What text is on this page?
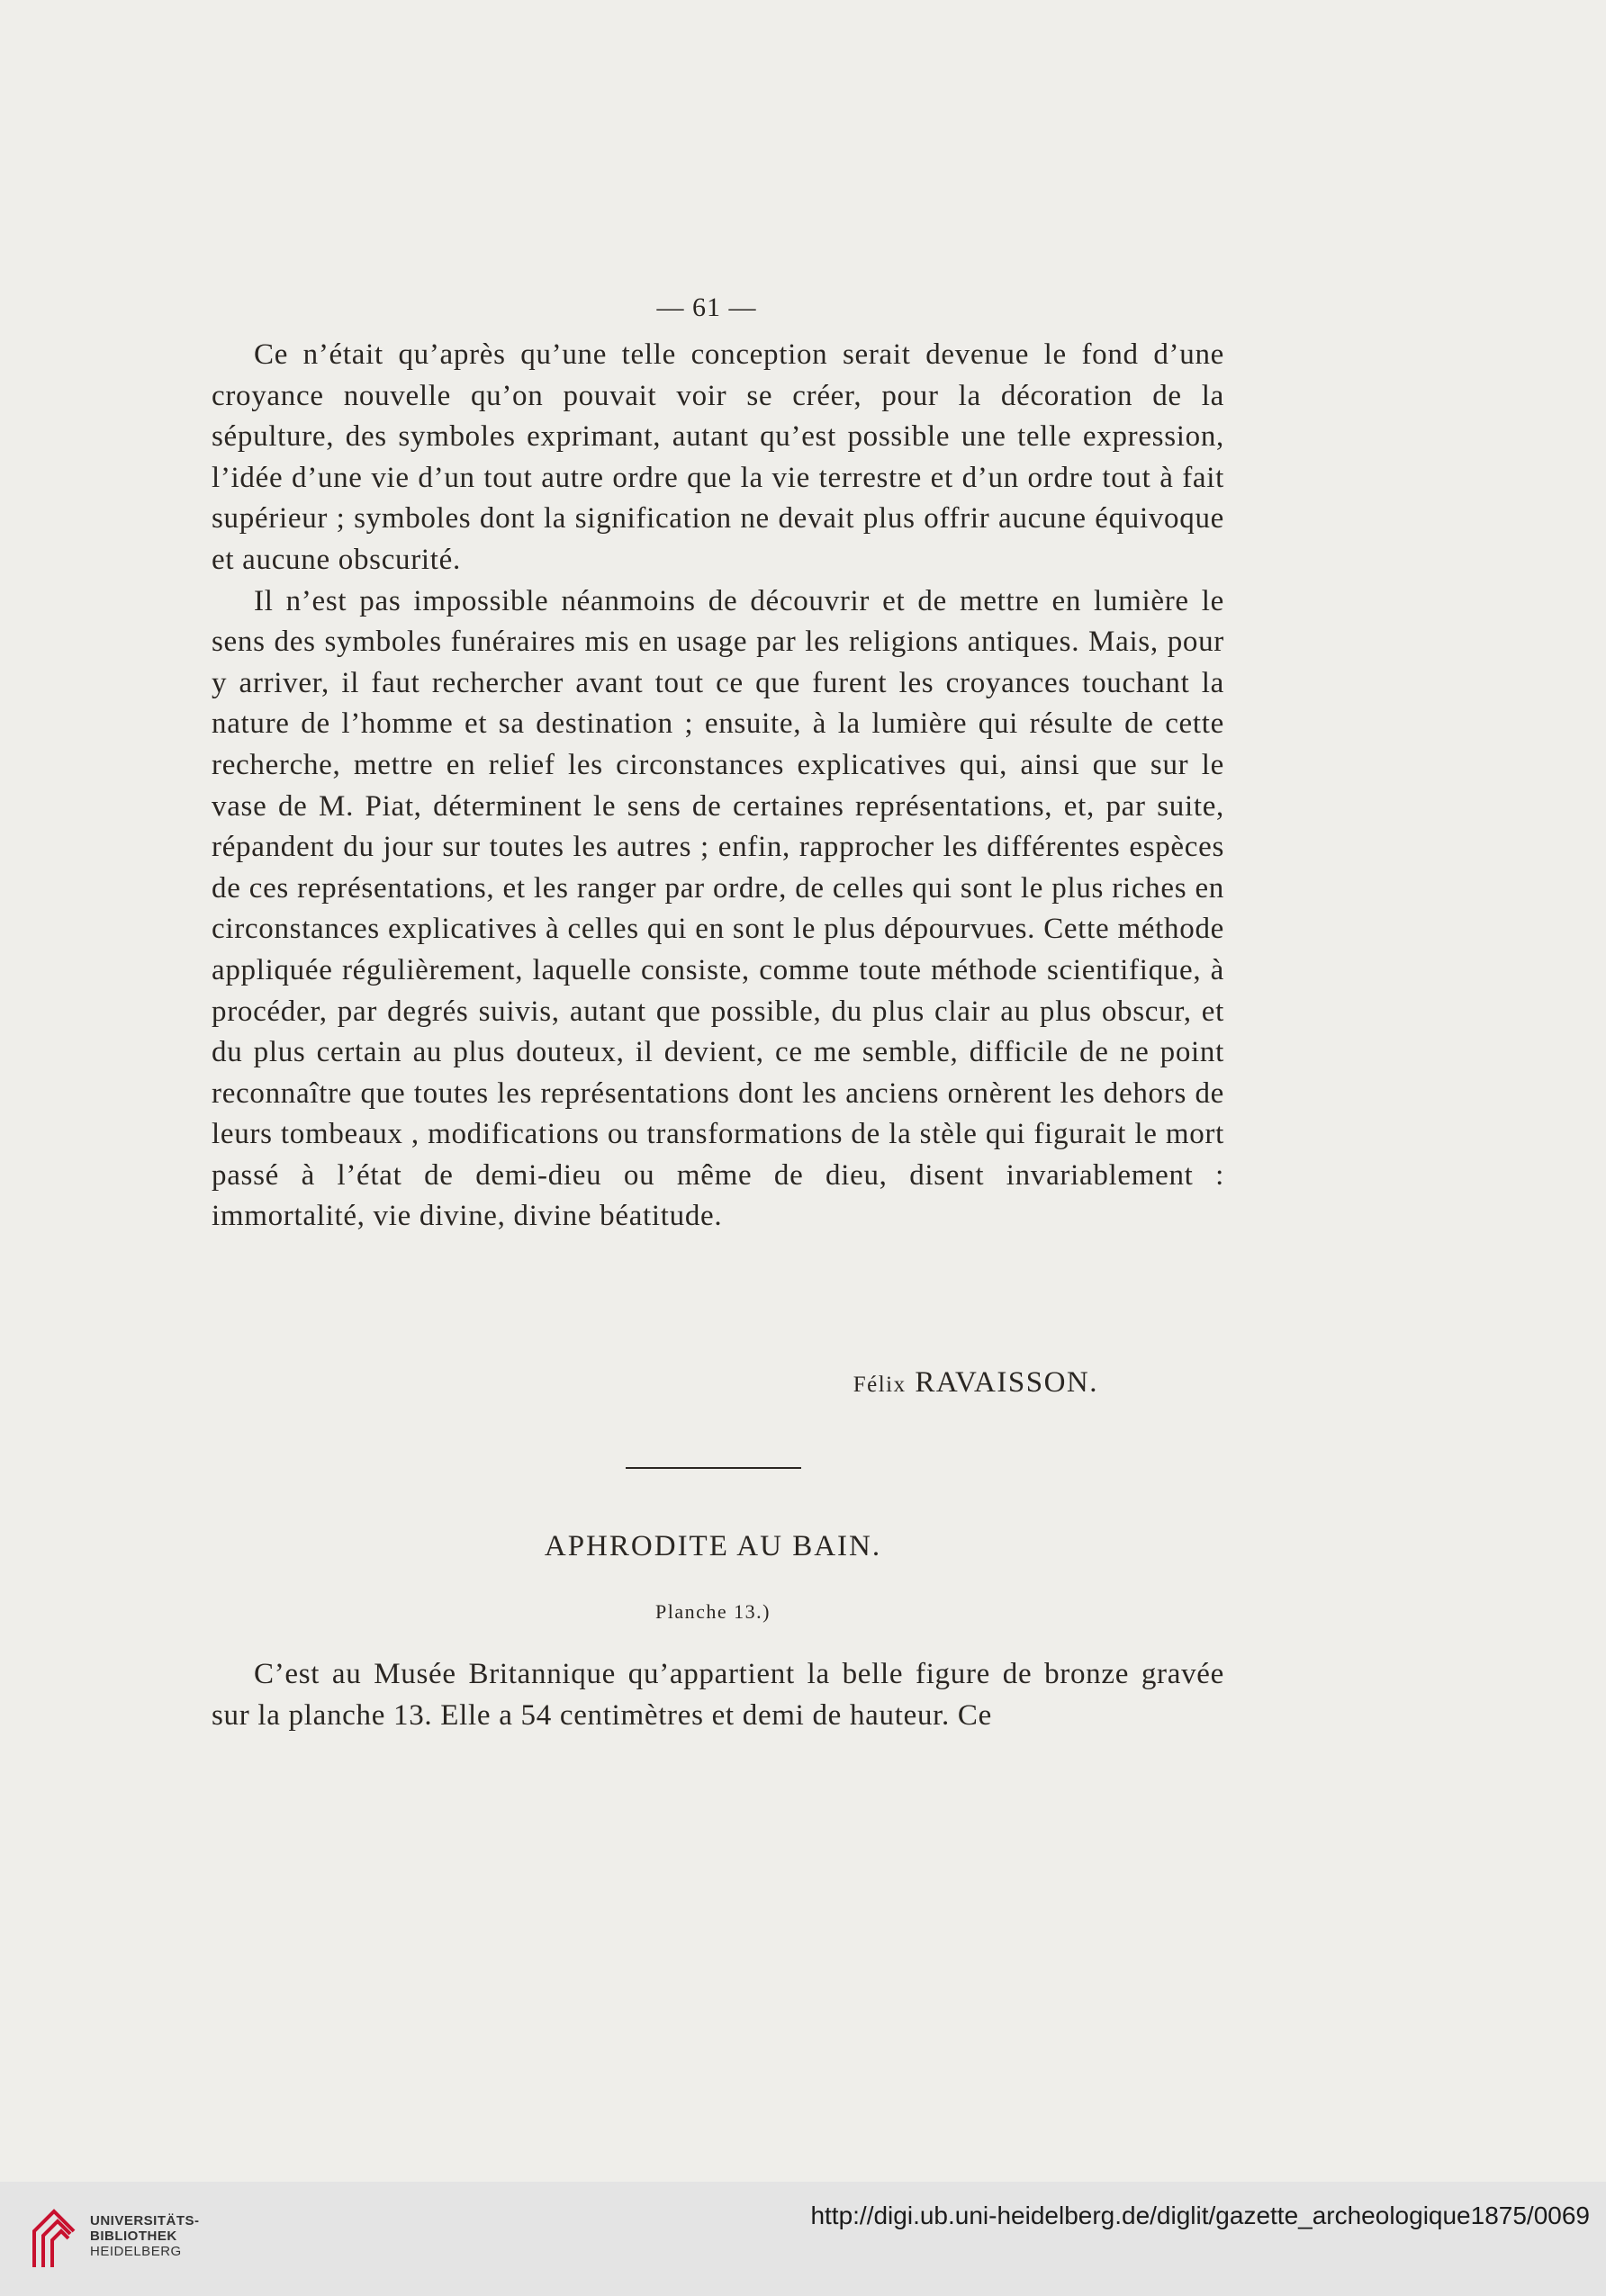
— 61 —

Ce n’était qu’après qu’une telle conception serait devenue le fond d’une croyance nouvelle qu’on pouvait voir se créer, pour la décoration de la sépulture, des symboles exprimant, autant qu’est possible une telle expression, l’idée d’une vie d’un tout autre ordre que la vie terrestre et d’un ordre tout à fait supérieur ; symboles dont la signification ne devait plus offrir aucune équivoque et aucune obscurité.

Il n’est pas impossible néanmoins de découvrir et de mettre en lumière le sens des symboles funéraires mis en usage par les religions antiques. Mais, pour y arriver, il faut rechercher avant tout ce que furent les croyances touchant la nature de l’homme et sa destination ; ensuite, à la lumière qui résulte de cette recherche, mettre en relief les circonstances explicatives qui, ainsi que sur le vase de M. Piat, déterminent le sens de certaines représentations, et, par suite, répandent du jour sur toutes les autres ; enfin, rapprocher les différentes espèces de ces représentations, et les ranger par ordre, de celles qui sont le plus riches en circonstances explicatives à celles qui en sont le plus dépourvues. Cette méthode appliquée régulièrement, laquelle consiste, comme toute méthode scientifique, à procéder, par degrés suivis, autant que possible, du plus clair au plus obscur, et du plus certain au plus douteux, il devient, ce me semble, difficile de ne point reconnaître que toutes les représentations dont les anciens ornèrent les dehors de leurs tombeaux , modifications ou transformations de la stèle qui figurait le mort passé à l’état de demi-dieu ou même de dieu, disent invariablement : immortalité, vie divine, divine béatitude.

Félix RAVAISSON.
APHRODITE AU BAIN.
Planche 13.)

C’est au Musée Britannique qu’appartient la belle figure de bronze gravée sur la planche 13. Elle a 54 centimètres et demi de hauteur. Ce

UNIVERSITÄTS-
BIBLIOTHEK
HEIDELBERG
http://digi.ub.uni-heidelberg.de/diglit/gazette_archeologique1875/0069
